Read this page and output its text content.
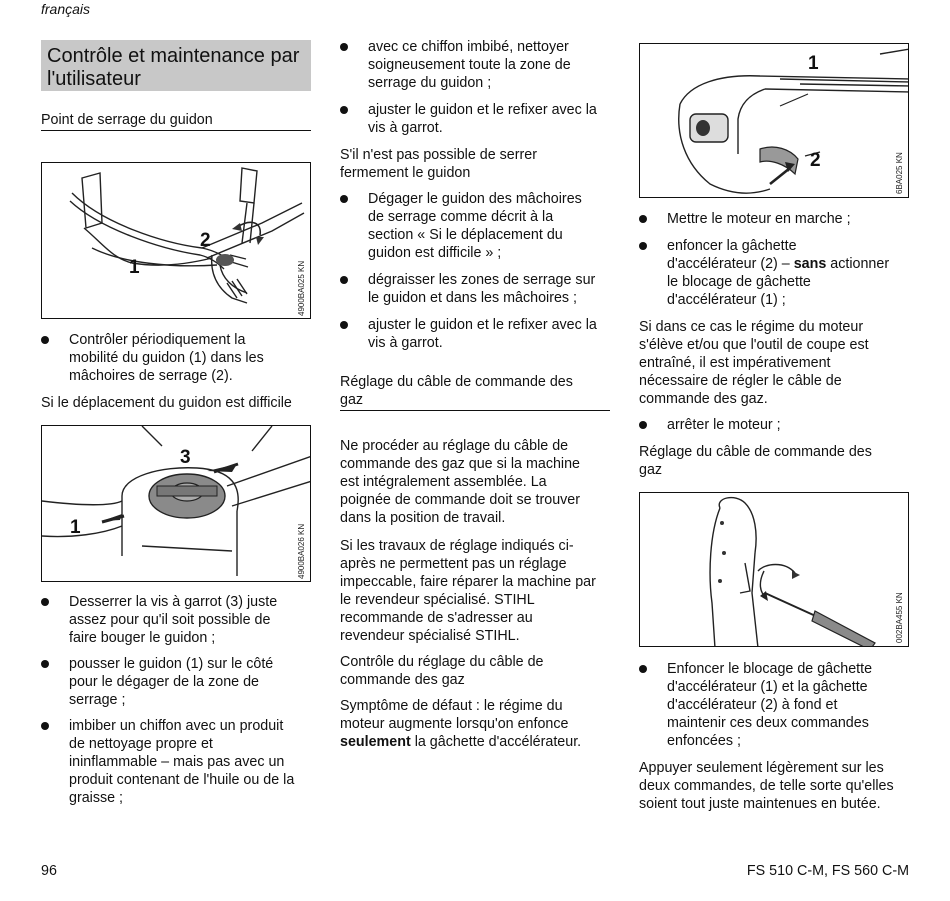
français
Contrôle et maintenance par l'utilisateur
Point de serrage du guidon
1
2
4900BA025 KN
Contrôler périodiquement la
mobilité du guidon (1) dans les
mâchoires de serrage (2).
Si le déplacement du guidon est difficile
1
3
4900BA026 KN
Desserrer la vis à garrot (3) juste
assez pour qu'il soit possible de
faire bouger le guidon ;
pousser le guidon (1) sur le côté
pour le dégager de la zone de
serrage ;
imbiber un chiffon avec un produit
de nettoyage propre et
ininflammable – mais pas avec un
produit contenant de l'huile ou de la
graisse ;
avec ce chiffon imbibé, nettoyer
soigneusement toute la zone de
serrage du guidon ;
ajuster le guidon et le refixer avec la
vis à garrot.
S'il n'est pas possible de serrer
fermement le guidon
Dégager le guidon des mâchoires
de serrage comme décrit à la
section « Si le déplacement du
guidon est difficile » ;
dégraisser les zones de serrage sur
le guidon et dans les mâchoires ;
ajuster le guidon et le refixer avec la
vis à garrot.
Réglage du câble de commande des
gaz
Ne procéder au réglage du câble de
commande des gaz que si la machine
est intégralement assemblée. La
poignée de commande doit se trouver
dans la position de travail.
Si les travaux de réglage indiqués ci-
après ne permettent pas un réglage
impeccable, faire réparer la machine par
le revendeur spécialisé. STIHL
recommande de s'adresser au
revendeur spécialisé STIHL.
Contrôle du réglage du câble de
commande des gaz
Symptôme de défaut : le régime du
moteur augmente lorsqu'on enfonce
seulement la gâchette d'accélérateur.
1
2	6BA025 KN
Mettre le moteur en marche ;
enfoncer la gâchette
d'accélérateur (2) – sans actionner
le blocage de gâchette
d'accélérateur (1) ;
Si dans ce cas le régime du moteur
s'élève et/ou que l'outil de coupe est
entraîné, il est impérativement
nécessaire de régler le câble de
commande des gaz.
arrêter le moteur ;
Réglage du câble de commande des
gaz
002BA455 KN
Enfoncer le blocage de gâchette
d'accélérateur (1) et la gâchette
d'accélérateur (2) à fond et
maintenir ces deux commandes
enfoncées ;
Appuyer seulement légèrement sur les
deux commandes, de telle sorte qu'elles
soient tout juste maintenues en butée.
96	FS 510 C-M, FS 560 C-M
